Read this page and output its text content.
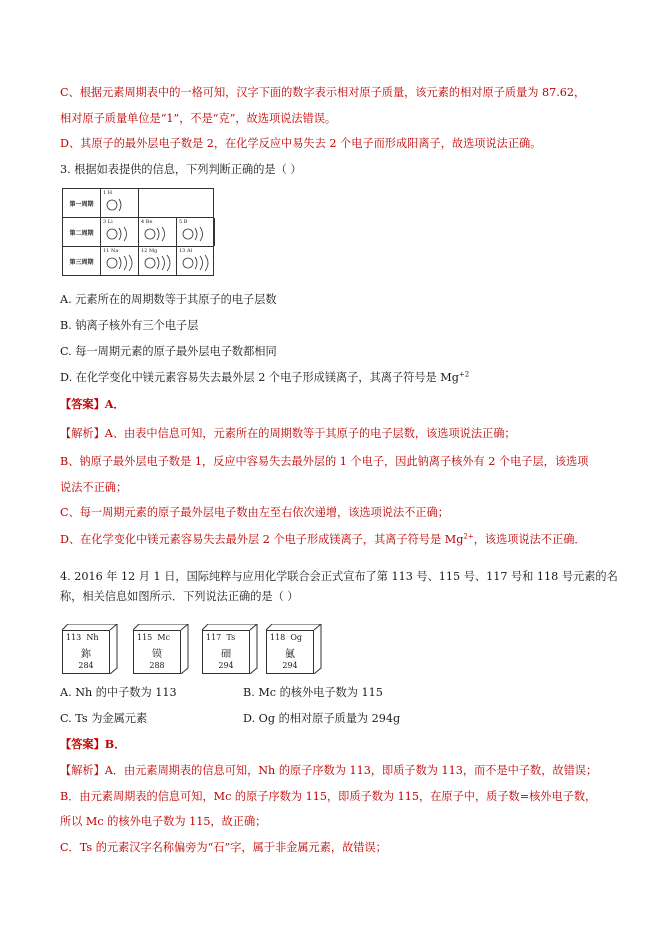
C、根据元素周期表中的一格可知，汉字下面的数字表示相对原子质量，该元素的相对原子质量为 87.62，
相对原子质量单位是“1”，不是“克”，故选项说法错误。
D、其原子的最外层电子数是 2，在化学反应中易失去 2 个电子而形成阳离子，故选项说法正确。
3. 根据如表提供的信息，下列判断正确的是（ ）
第一周期
1 H
第二周期
3 Li	4 Be	5 B
第三周期
11 Na	12 Mg	13 Al
A. 元素所在的周期数等于其原子的电子层数
B. 钠离子核外有三个电子层
C. 每一周期元素的原子最外层电子数都相同
D. 在化学变化中镁元素容易失去最外层 2 个电子形成镁离子，其离子符号是 $Mg^{+2}$
【答案】A．
【解析】A、由表中信息可知，元素所在的周期数等于其原子的电子层数，该选项说法正确；
B、钠原子最外层电子数是 1，反应中容易失去最外层的 1 个电子，因此钠离子核外有 2 个电子层，该选项
说法不正确；
C、每一周期元素的原子最外层电子数由左至右依次递增，该选项说法不正确；
D、在化学变化中镁元素容易失去最外层 2 个电子形成镁离子，其离子符号是 $Mg^{2+}$，该选项说法不正确．
4. 2016 年 12 月 1 日，国际纯粹与应用化学联合会正式宣布了第 113 号、115 号、117 号和 118 号元素的名
称，相关信息如图所示．下列说法正确的是（ ）
113 Nh
鉨
284
115 Mc
镆
288
117 Ts
鿬
294
118 Og
鿫
294
A. Nh 的中子数为 113	B. Mc 的核外电子数为 115
C. Ts 为金属元素	D. Og 的相对原子质量为 294g
【答案】B．
【解析】A．由元素周期表的信息可知，Nh 的原子序数为 113，即质子数为 113，而不是中子数，故错误；
B．由元素周期表的信息可知，Mc 的原子序数为 115，即质子数为 115，在原子中，质子数=核外电子数，
所以 Mc 的核外电子数为 115，故正确；
C．Ts 的元素汉字名称偏旁为“石”字，属于非金属元素，故错误；
